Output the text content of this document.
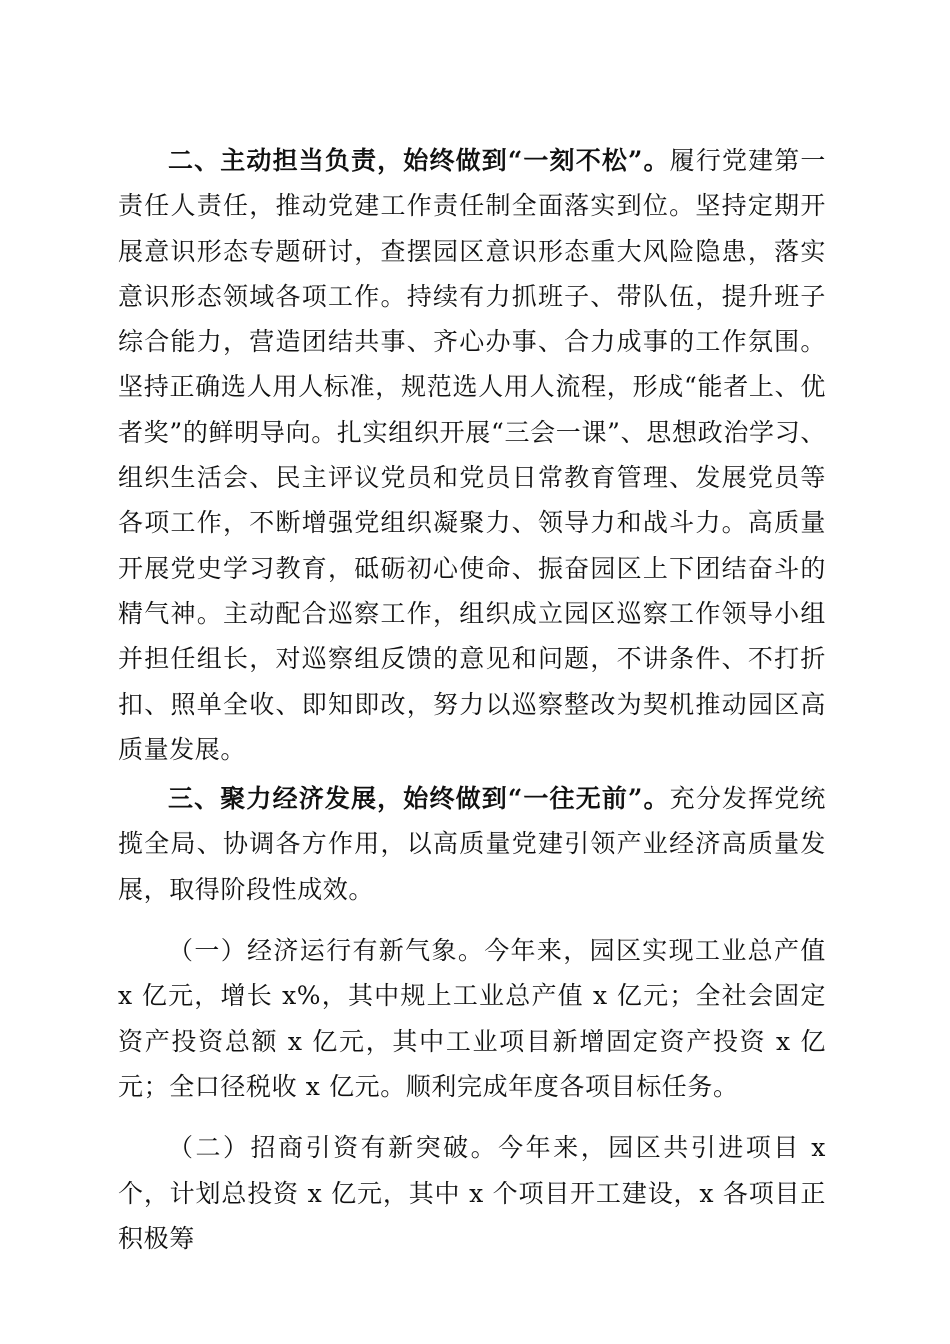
二、主动担当负责，始终做到“一刻不松”。履行党建第一责任人责任，推动党建工作责任制全面落实到位。坚持定期开展意识形态专题研讨，查摆园区意识形态重大风险隐患，落实意识形态领域各项工作。持续有力抓班子、带队伍，提升班子综合能力，营造团结共事、齐心办事、合力成事的工作氛围。坚持正确选人用人标准，规范选人用人流程，形成“能者上、优者奖”的鲜明导向。扎实组织开展“三会一课”、思想政治学习、组织生活会、民主评议党员和党员日常教育管理、发展党员等各项工作，不断增强党组织凝聚力、领导力和战斗力。高质量开展党史学习教育，砥砺初心使命、振奋园区上下团结奋斗的精气神。主动配合巡察工作，组织成立园区巡察工作领导小组并担任组长，对巡察组反馈的意见和问题，不讲条件、不打折扣、照单全收、即知即改，努力以巡察整改为契机推动园区高质量发展。

三、聚力经济发展，始终做到“一往无前”。充分发挥党统揽全局、协调各方作用，以高质量党建引领产业经济高质量发展，取得阶段性成效。

（一）经济运行有新气象。今年来，园区实现工业总产值 x 亿元，增长 x%，其中规上工业总产值 x 亿元；全社会固定资产投资总额 x 亿元，其中工业项目新增固定资产投资 x 亿元；全口径税收 x 亿元。顺利完成年度各项目标任务。

（二）招商引资有新突破。今年来，园区共引进项目 x 个，计划总投资 x 亿元，其中 x 个项目开工建设，x 各项目正积极筹
